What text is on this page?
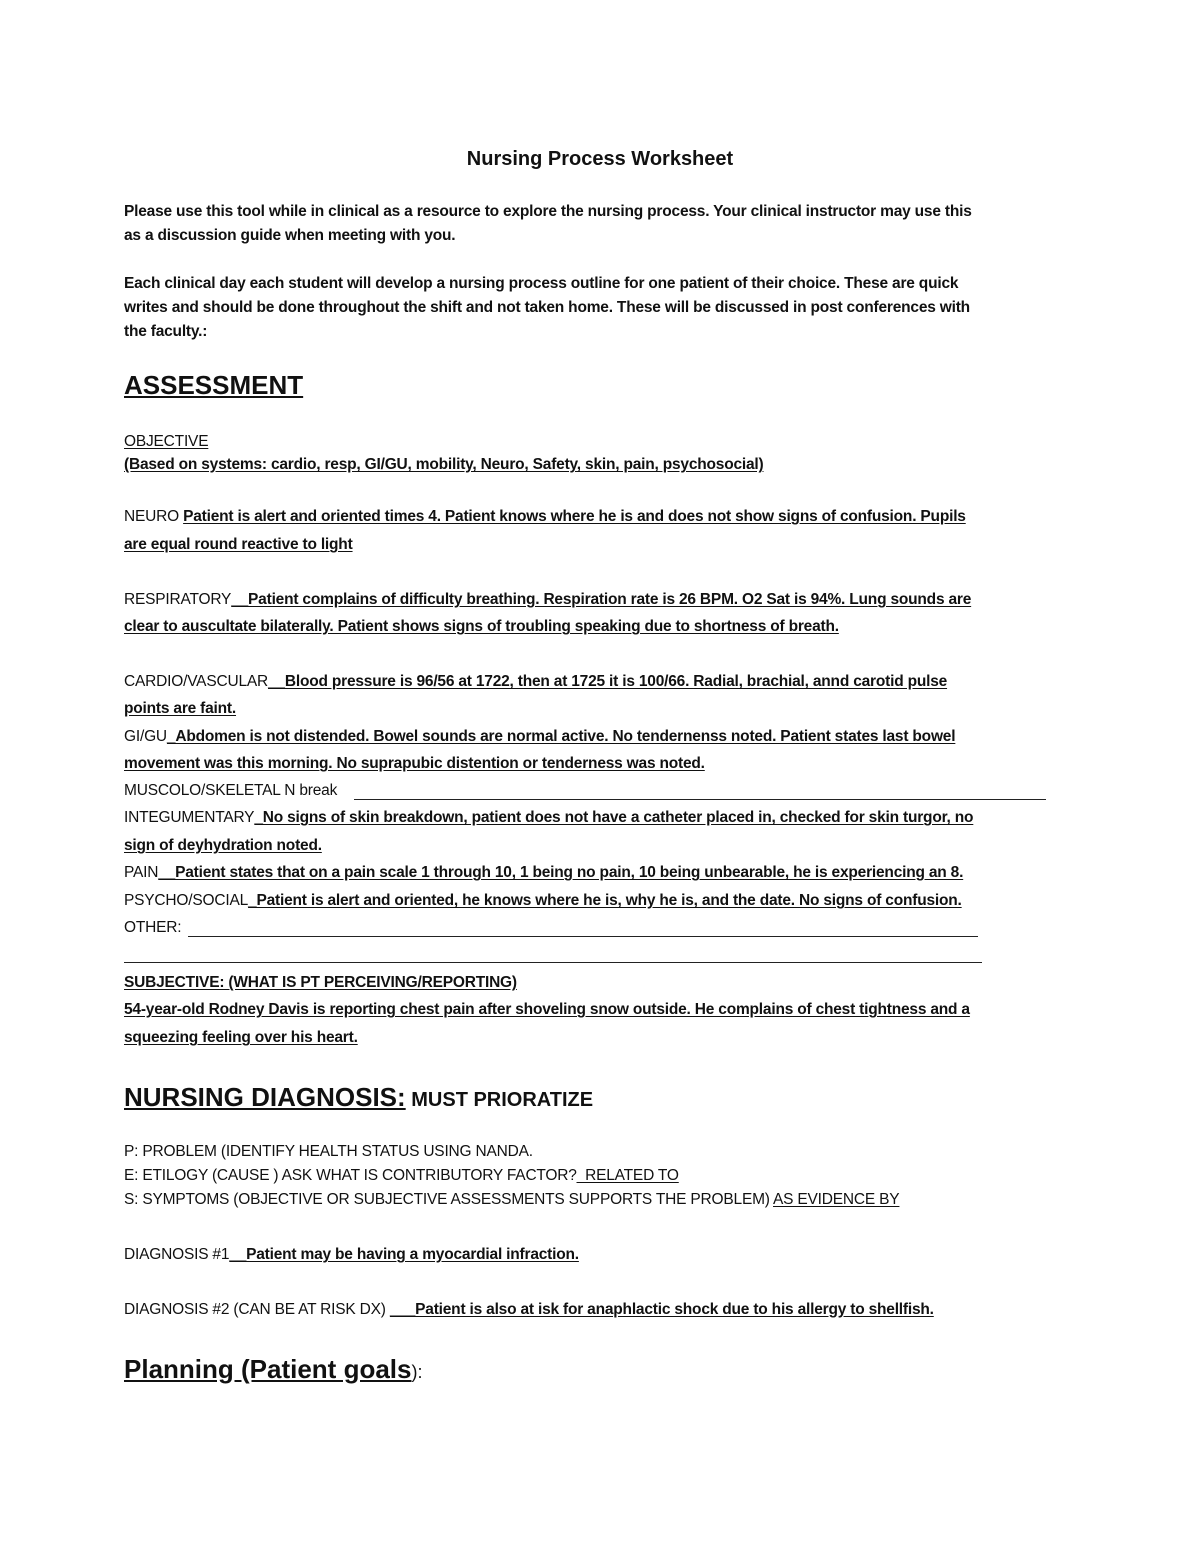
Nursing Process Worksheet
Please use this tool while in clinical as a resource to explore the nursing process. Your clinical instructor may use this
as a discussion guide when meeting with you.
Each clinical day each student will develop a nursing process outline for one patient of their choice. These are quick
writes and should be done throughout the shift and not taken home. These will be discussed in post conferences with
the faculty.:
ASSESSMENT
OBJECTIVE
(Based on systems: cardio, resp, GI/GU, mobility, Neuro, Safety, skin, pain, psychosocial)
NEURO Patient is alert and oriented times 4. Patient knows where he is and does not show signs of confusion. Pupils
are equal round reactive to light
RESPIRATORY__Patient complains of difficulty breathing. Respiration rate is 26 BPM. O2 Sat is 94%. Lung sounds are
clear to auscultate bilaterally. Patient shows signs of troubling speaking due to shortness of breath.
CARDIO/VASCULAR__Blood pressure is 96/56 at 1722, then at 1725 it is 100/66. Radial, brachial, annd carotid pulse
points are faint.
GI/GU_Abdomen is not distended. Bowel sounds are normal active. No tendernenss noted. Patient states last bowel
movement was this morning. No suprapubic distention or tenderness was noted.
MUSCOLO/SKELETAL N break
INTEGUMENTARY_No signs of skin breakdown, patient does not have a catheter placed in, checked for skin turgor, no
sign of deyhydration noted.
PAIN__Patient states that on a pain scale 1 through 10, 1 being no pain, 10 being unbearable, he is experiencing an 8.
PSYCHO/SOCIAL_Patient is alert and oriented, he knows where he is, why he is, and the date. No signs of confusion.
OTHER:
SUBJECTIVE: (WHAT IS PT PERCEIVING/REPORTING)
54-year-old Rodney Davis is reporting chest pain after shoveling snow outside. He complains of chest tightness and a
squeezing feeling over his heart.
NURSING DIAGNOSIS: MUST PRIORATIZE
P: PROBLEM (IDENTIFY HEALTH STATUS USING NANDA.
E: ETILOGY (CAUSE ) ASK WHAT IS CONTRIBUTORY FACTOR?_RELATED TO
S: SYMPTOMS (OBJECTIVE OR SUBJECTIVE ASSESSMENTS SUPPORTS THE PROBLEM) AS EVIDENCE BY
DIAGNOSIS #1__Patient may be having a myocardial infraction.
DIAGNOSIS #2 (CAN BE AT RISK DX) ___Patient is also at isk for anaphlactic shock due to his allergy to shellfish.
Planning (Patient goals):
